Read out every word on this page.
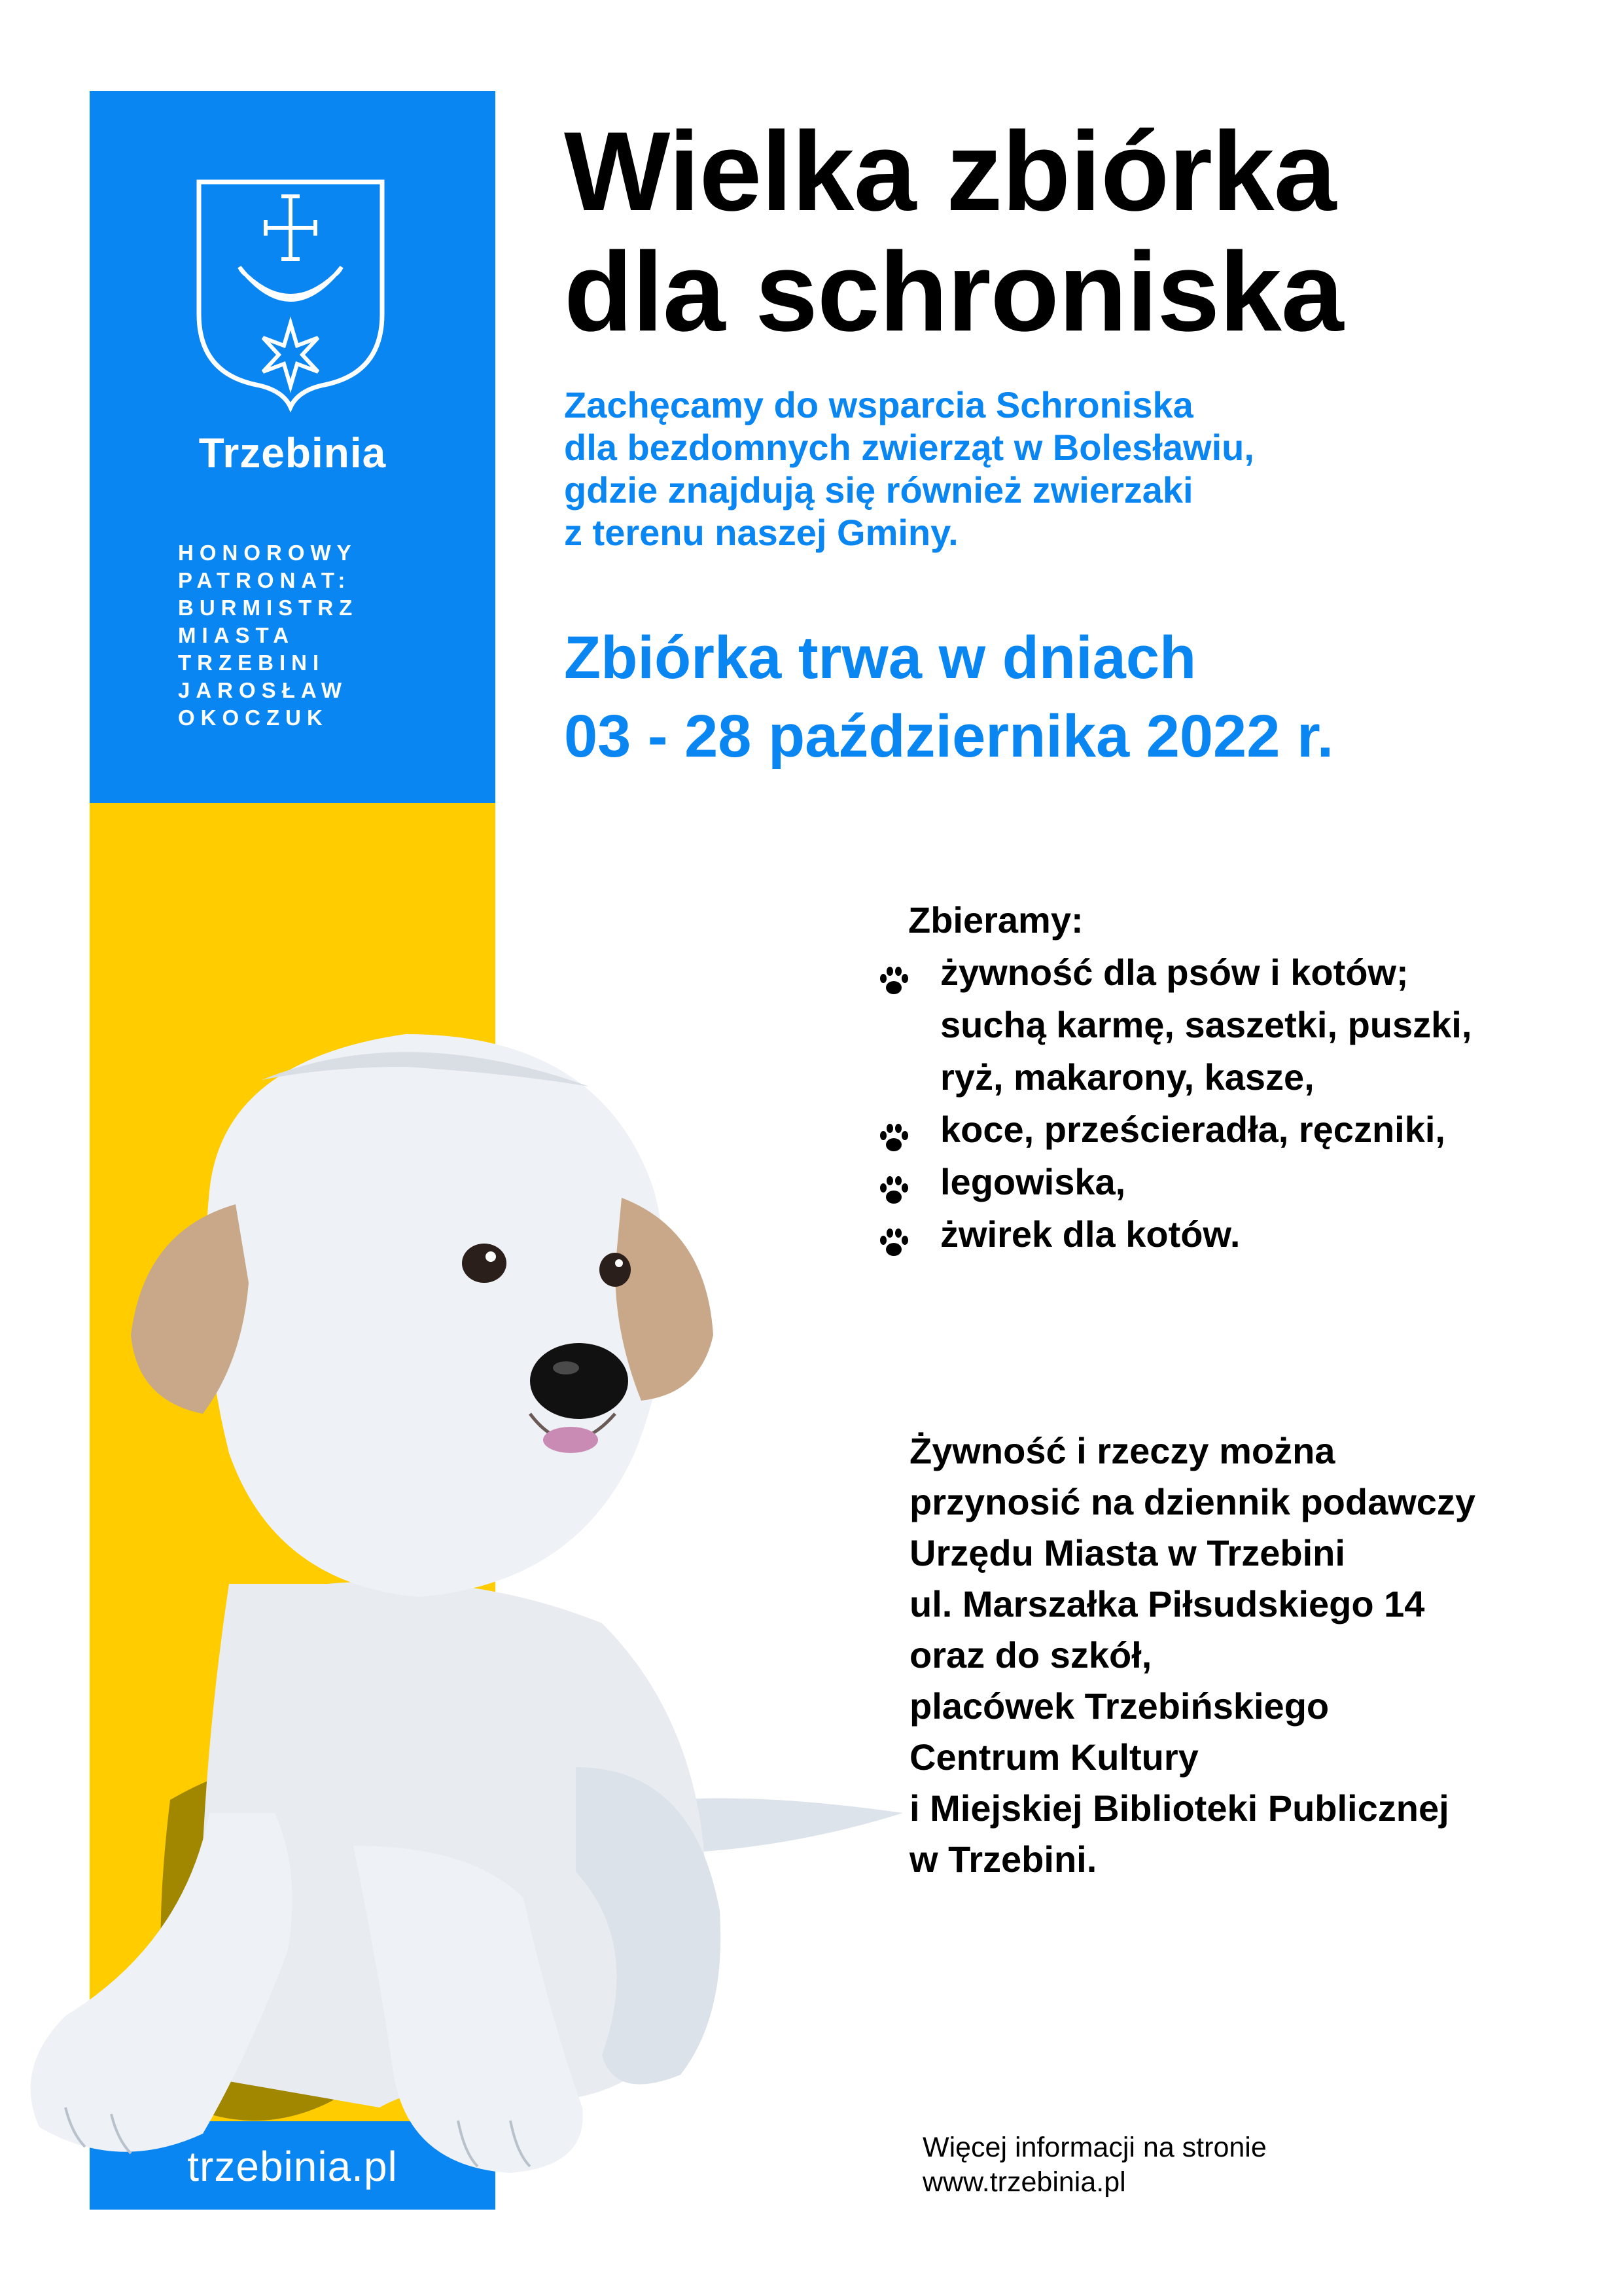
Trzebinia
HONOROWY
PATRONAT:
BURMISTRZ
MIASTA
TRZEBINI
JAROSŁAW
OKOCZUK
trzebinia.pl
Wielka zbiórka
dla schroniska
Zachęcamy do wsparcia Schroniska
dla bezdomnych zwierząt w Bolesławiu,
gdzie znajdują się również zwierzaki
z terenu naszej Gminy.
Zbiórka trwa w dniach
03 - 28 października 2022 r.
Zbieramy:
żywność dla psów i kotów;
suchą karmę, saszetki, puszki,
ryż, makarony, kasze,
koce, prześcieradła, ręczniki,
legowiska,
żwirek dla kotów.
Żywność i rzeczy można
przynosić na dziennik podawczy
Urzędu Miasta w Trzebini
ul. Marszałka Piłsudskiego 14
oraz do szkół,
placówek Trzebińskiego
Centrum Kultury
i Miejskiej Biblioteki Publicznej
w Trzebini.
Więcej informacji na stronie
www.trzebinia.pl
